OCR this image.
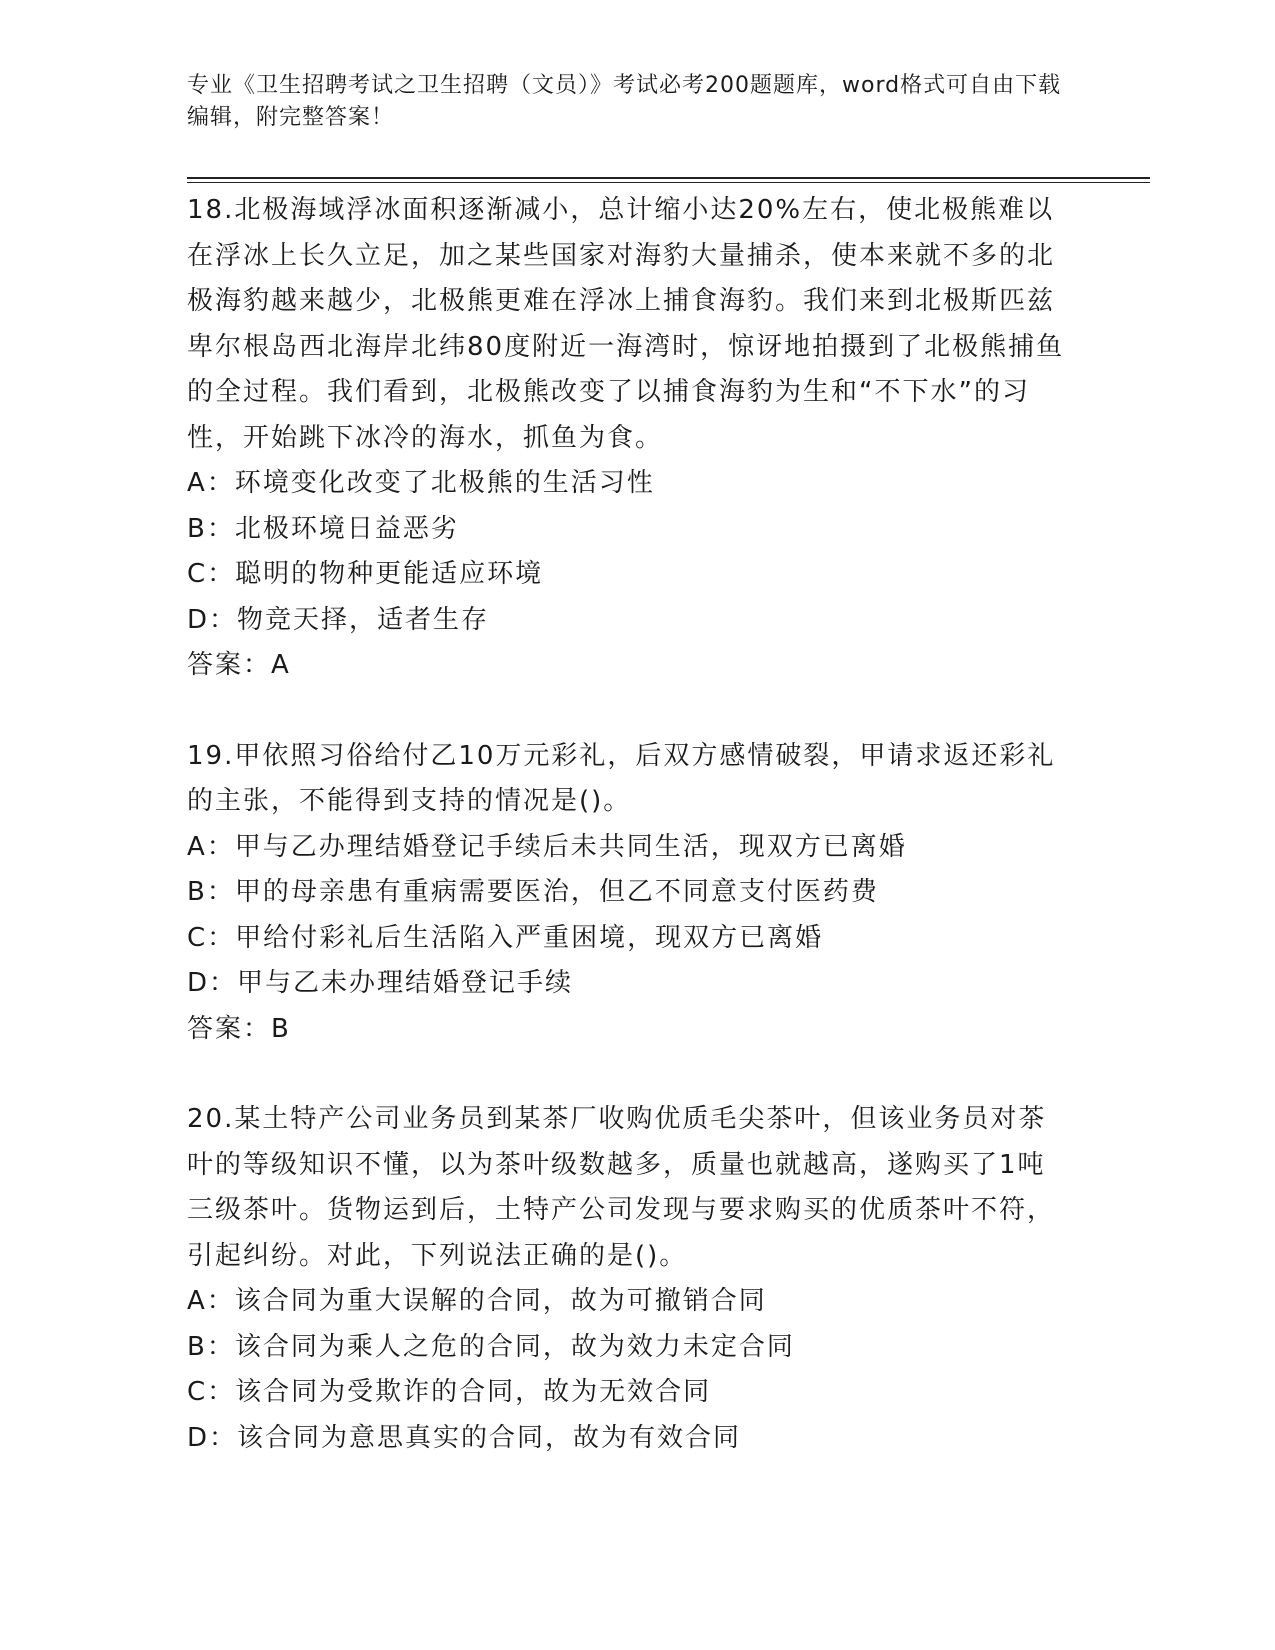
专业《卫生招聘考试之卫生招聘（文员）》考试必考200题题库，word格式可自由下载编辑，附完整答案！

18.北极海域浮冰面积逐渐减小，总计缩小达20%左右，使北极熊难以在浮冰上长久立足，加之某些国家对海豹大量捕杀，使本来就不多的北极海豹越来越少，北极熊更难在浮冰上捕食海豹。我们来到北极斯匹兹卑尔根岛西北海岸北纬80度附近一海湾时，惊讶地拍摄到了北极熊捕鱼的全过程。我们看到，北极熊改变了以捕食海豹为生和“不下水”的习性，开始跳下冰冷的海水，抓鱼为食。

A：环境变化改变了北极熊的生活习性

B：北极环境日益恶劣

C：聪明的物种更能适应环境

D：物竞天择，适者生存

答案：A

19.甲依照习俗给付乙10万元彩礼，后双方感情破裂，甲请求返还彩礼的主张，不能得到支持的情况是()。

A：甲与乙办理结婚登记手续后未共同生活，现双方已离婚

B：甲的母亲患有重病需要医治，但乙不同意支付医药费

C：甲给付彩礼后生活陷入严重困境，现双方已离婚

D：甲与乙未办理结婚登记手续

答案：B

20.某土特产公司业务员到某茶厂收购优质毛尖茶叶，但该业务员对茶叶的等级知识不懂，以为茶叶级数越多，质量也就越高，遂购买了1吨三级茶叶。货物运到后，土特产公司发现与要求购买的优质茶叶不符，引起纠纷。对此，下列说法正确的是()。

A：该合同为重大误解的合同，故为可撤销合同

B：该合同为乘人之危的合同，故为效力未定合同

C：该合同为受欺诈的合同，故为无效合同

D：该合同为意思真实的合同，故为有效合同
